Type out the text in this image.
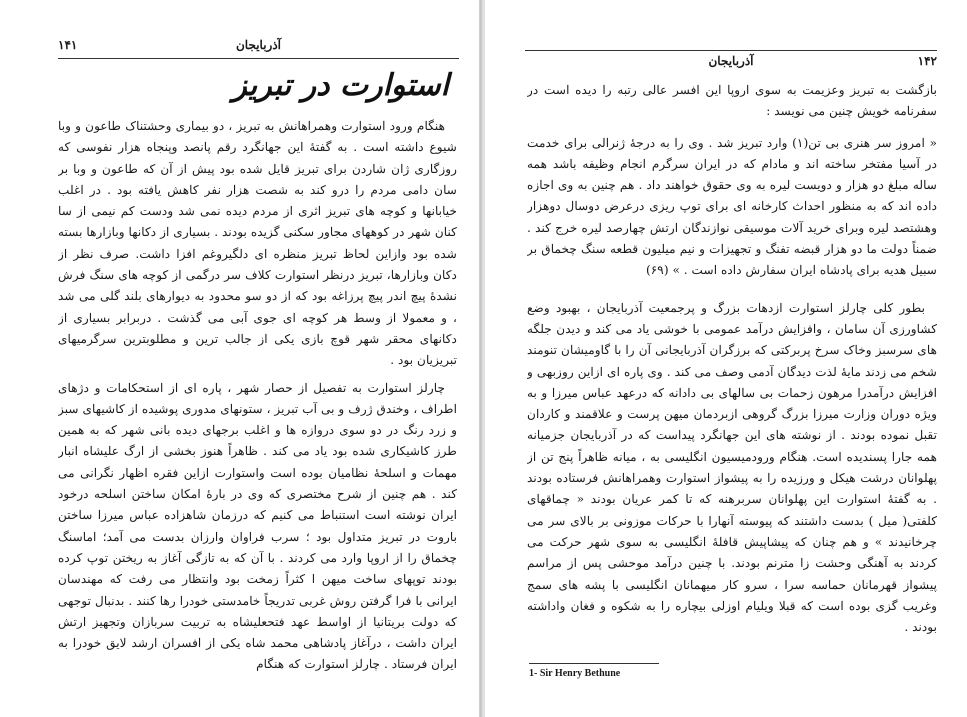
آذربایجان
۱۴۱
استوارت در تبریز

هنگام ورود استوارت وهمراهانش به تبریز ، دو بیماری وحشتناک طاعون و وبا شیوع داشته است . به گفتهٔ این جهانگرد رقم پانصد وپنجاه هزار نفوسی که روزگاری ژان شاردن برای تبریز قایل شده بود پیش از آن که طاعون و وبا بر سان دامی مردم را درو کند به شصت هزار نفر کاهش یافته بود . در اغلب خیابانها و کوچه های تبریز اثری از مردم دیده نمی شد ودست کم نیمی از سا کنان شهر در کوههای مجاور سکنی گزیده بودند . بسیاری از دکانها وبازارها بسته شده بود وازاین لحاظ تبریز منظره ای دلگیروغم افزا داشت. صرف نظر از دکان وبازارها، تبریز درنظر استوارت کلاف سر درگمی از کوچه های سنگ فرش نشدهٔ پیچ اندر پیچ پرزاغه بود که از دو سو محدود به دیوارهای بلند گلی می شد ، و معمولا از وسط هر کوچه ای جوی آبی می گذشت . دربرابر بسیاری از دکانهای محقر شهر قوچ بازی یکی از جالب ترین و مطلوبترین سرگرمیهای تبریزیان بود .

چارلز استوارت به تفصیل از حصار شهر ، پاره ای از استحکامات و دژهای اطراف ، وخندق ژرف و بی آب تبریز ، ستونهای مدوری پوشیده از کاشیهای سبز و زرد رنگ در دو سوی دروازه ها و اغلب برجهای دیده بانی شهر که به همین طرز کاشیکاری شده بود یاد می کند . ظاهراً هنوز بخشی از ارگ علیشاه انبار مهمات و اسلحهٔ نظامیان بوده است واستوارت ازاین فقره اظهار نگرانی می کند . هم چنین از شرح مختصری که وی در بارهٔ امکان ساختن اسلحه درخود ایران نوشته است استنباط می کنیم که درزمان شاهزاده عباس میرزا ساختن باروت در تبریز متداول بود ؛ سرب فراوان وارزان بدست می آمد؛ اماسنگ چخماق را از اروپا وارد می کردند . با آن که به تازگی آغاز به ریختن توپ کرده بودند توپهای ساخت میهن ا کثراً زمخت بود وانتظار می رفت که مهندسان ایرانی با فرا گرفتن روش غربی تدریجاً خامدستی خودرا رها کنند . بدنبال توجهی که دولت بریتانیا از اواسط عهد فتحعلیشاه به تربیت سربازان وتجهیز ارتش ایران داشت ، درآغاز پادشاهی محمد شاه یکی از افسران ارشد لایق خودرا به ایران فرستاد . چارلز استوارت که هنگام

آذربایجان	۱۴۲

بازگشت به تبریز وعزیمت به سوی اروپا این افسر عالی رتبه را دیده است در سفرنامه خویش چنین می نویسد :

« امروز سر هنری بی تن(۱) وارد تبریز شد . وی را به درجهٔ ژنرالی برای خدمت در آسیا مفتخر ساخته اند و مادام که در ایران سرگرم انجام وظیفه باشد همه ساله مبلغ دو هزار و دویست لیره به وی حقوق خواهند داد . هم چنین به وی اجازه داده اند که به منظور احداث کارخانه ای برای توپ ریزی درعرض دوسال دوهزار وهشتصد لیره وبرای خرید آلات موسیقی نوازندگان ارتش چهارصد لیره خرج کند . ضمناً دولت ما دو هزار قبضه تفنگ و تجهیزات و نیم میلیون قطعه سنگ چخماق بر سبیل هدیه برای پادشاه ایران سفارش داده است . » (۶۹)

بطور کلی چارلز استوارت ازدهات بزرگ و پرجمعیت آذربایجان ، بهبود وضع کشاورزی آن سامان ، وافزایش درآمد عمومی با خوشی یاد می کند و دیدن جلگه های سرسبز وخاک سرخ پربرکتی که برزگران آذربایجانی آن را با گاومیشان تنومند شخم می زدند مایهٔ لذت دیدگان آدمی وصف می کند . وی پاره ای ازاین روزبهی و افزایش درآمدرا مرهون زحمات بی سالهای بی دادانه که درعهد عباس میرزا و به ویژه دوران وزارت میرزا بزرگ گروهی ازبردمان میهن پرست و علاقمند و کاردان تقبل نموده بودند . از نوشته های این جهانگرد پیداست که در آذربایجان جزمیانه همه جارا پسندیده است. هنگام ورودمیسیون انگلیسی به ، میانه ظاهراً پنج تن از پهلوانان درشت هیکل و ورزیده را به پیشواز استوارت وهمراهانش فرستاده بودند . به گفتهٔ استوارت این پهلوانان سربرهنه که تا کمر عریان بودند « چماقهای کلفتی( میل ) بدست داشتند که پیوسته آنهارا با حرکات موزونی بر بالای سر می چرخانیدند » و هم چنان که پیشاپیش قافلهٔ انگلیسی به سوی شهر حرکت می کردند به آهنگی وحشت زا مترنم بودند. با چنین درآمد موحشی پس از مراسم پیشواز قهرمانان حماسه سرا ، سرو کار میهمانان انگلیسی با پشه های سمج وغریب گزی بوده است که قبلا ویلیام اوزلی بیچاره را به شکوه و فغان واداشته بودند .

1- Sir Henry Bethune
